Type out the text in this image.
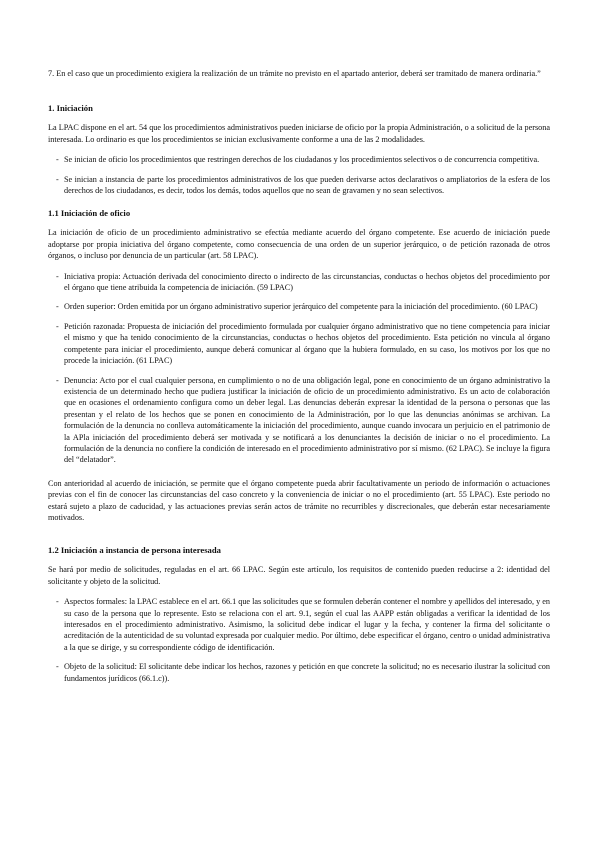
7. En el caso que un procedimiento exigiera la realización de un trámite no previsto en el apartado anterior, deberá ser tramitado de manera ordinaria.”

1. Iniciación

La LPAC dispone en el art. 54 que los procedimientos administrativos pueden iniciarse de oficio por la propia Administración, o a solicitud de la persona interesada. Lo ordinario es que los procedimientos se inician exclusivamente conforme a una de las 2 modalidades.

- Se inician de oficio los procedimientos que restringen derechos de los ciudadanos y los procedimientos selectivos o de concurrencia competitiva.
- Se inician a instancia de parte los procedimientos administrativos de los que pueden derivarse actos declarativos o ampliatorios de la esfera de los derechos de los ciudadanos, es decir, todos los demás, todos aquellos que no sean de gravamen y no sean selectivos.
1.1 Iniciación de oficio

La iniciación de oficio de un procedimiento administrativo se efectúa mediante acuerdo del órgano competente. Ese acuerdo de iniciación puede adoptarse por propia iniciativa del órgano competente, como consecuencia de una orden de un superior jerárquico, o de petición razonada de otros órganos, o incluso por denuncia de un particular (art. 58 LPAC).

- Iniciativa propia: Actuación derivada del conocimiento directo o indirecto de las circunstancias, conductas o hechos objetos del procedimiento por el órgano que tiene atribuida la competencia de iniciación. (59 LPAC)
- Orden superior: Orden emitida por un órgano administrativo superior jerárquico del competente para la iniciación del procedimiento. (60 LPAC)
- Petición razonada: Propuesta de iniciación del procedimiento formulada por cualquier órgano administrativo que no tiene competencia para iniciar el mismo y que ha tenido conocimiento de la circunstancias, conductas o hechos objetos del procedimiento. Esta petición no vincula al órgano competente para iniciar el procedimiento, aunque deberá comunicar al órgano que la hubiera formulado, en su caso, los motivos por los que no procede la iniciación. (61 LPAC)
- Denuncia: Acto por el cual cualquier persona, en cumplimiento o no de una obligación legal, pone en conocimiento de un órgano administrativo la existencia de un determinado hecho que pudiera justificar la iniciación de oficio de un procedimiento administrativo. Es un acto de colaboración que en ocasiones el ordenamiento configura como un deber legal. Las denuncias deberán expresar la identidad de la persona o personas que las presentan y el relato de los hechos que se ponen en conocimiento de la Administración, por lo que las denuncias anónimas se archivan. La formulación de la denuncia no conlleva automáticamente la iniciación del procedimiento, aunque cuando invocara un perjuicio en el patrimonio de la APla iniciación del procedimiento deberá ser motivada y se notificará a los denunciantes la decisión de iniciar o no el procedimiento. La formulación de la denuncia no confiere la condición de interesado en el procedimiento administrativo por sí mismo. (62 LPAC). Se incluye la figura del “delatador”.

Con anterioridad al acuerdo de iniciación, se permite que el órgano competente pueda abrir facultativamente un periodo de información o actuaciones previas con el fin de conocer las circunstancias del caso concreto y la conveniencia de iniciar o no el procedimiento (art. 55 LPAC). Este periodo no estará sujeto a plazo de caducidad, y las actuaciones previas serán actos de trámite no recurribles y discrecionales, que deberán estar necesariamente motivados.

1.2 Iniciación a instancia de persona interesada

Se hará por medio de solicitudes, reguladas en el art. 66 LPAC. Según este artículo, los requisitos de contenido pueden reducirse a 2: identidad del solicitante y objeto de la solicitud.

- Aspectos formales: la LPAC establece en el art. 66.1 que las solicitudes que se formulen deberán contener el nombre y apellidos del interesado, y en su caso de la persona que lo represente. Esto se relaciona con el art. 9.1, según el cual las AAPP están obligadas a verificar la identidad de los interesados en el procedimiento administrativo. Asimismo, la solicitud debe indicar el lugar y la fecha, y contener la firma del solicitante o acreditación de la autenticidad de su voluntad expresada por cualquier medio. Por último, debe especificar el órgano, centro o unidad administrativa a la que se dirige, y su correspondiente código de identificación.
- Objeto de la solicitud: El solicitante debe indicar los hechos, razones y petición en que concrete la solicitud; no es necesario ilustrar la solicitud con fundamentos jurídicos (66.1.c)).
